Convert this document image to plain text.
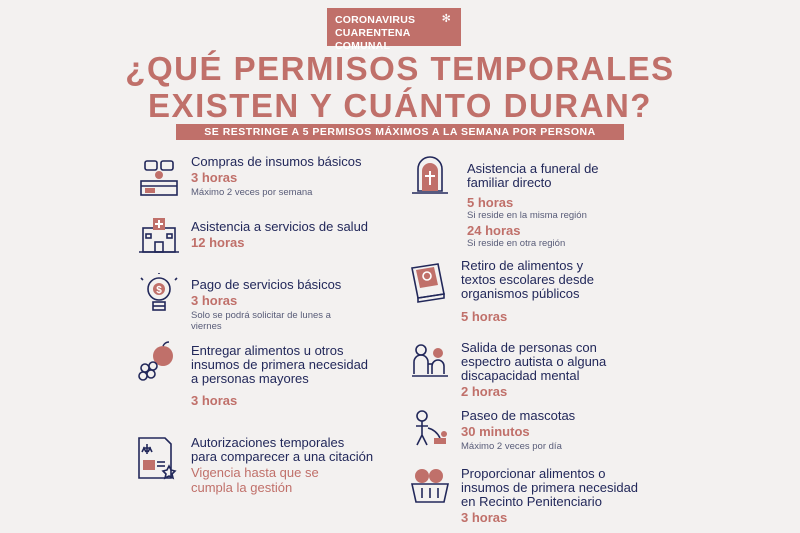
CORONAVIRUS
CUARENTENA COMUNAL
✻
¿QUÉ PERMISOS TEMPORALES
EXISTEN Y CUÁNTO DURAN?
SE RESTRINGE A 5 PERMISOS MÁXIMOS A LA SEMANA POR PERSONA

Compras de insumos básicos

3 horas

Máximo 2 veces por semana

Asistencia a servicios de salud

12 horas

$ Pago de servicios básicos

3 horas

Solo se podrá solicitar de lunes a viernes

Entregar alimentos u otros

insumos de primera necesidad

a personas mayores

3 horas

Autorizaciones temporales

para comparecer a una citación

Vigencia hasta que se

cumpla la gestión

Asistencia a funeral de

familiar directo

5 horas

Si reside en la misma región

24 horas

Si reside en otra región

Retiro de alimentos y

textos escolares desde

organismos públicos

5 horas

Salida de personas con

espectro autista o alguna

discapacidad mental

2 horas

Paseo de mascotas

30 minutos

Máximo 2 veces por día

Proporcionar alimentos o

insumos de primera necesidad

en Recinto Penitenciario

3 horas
